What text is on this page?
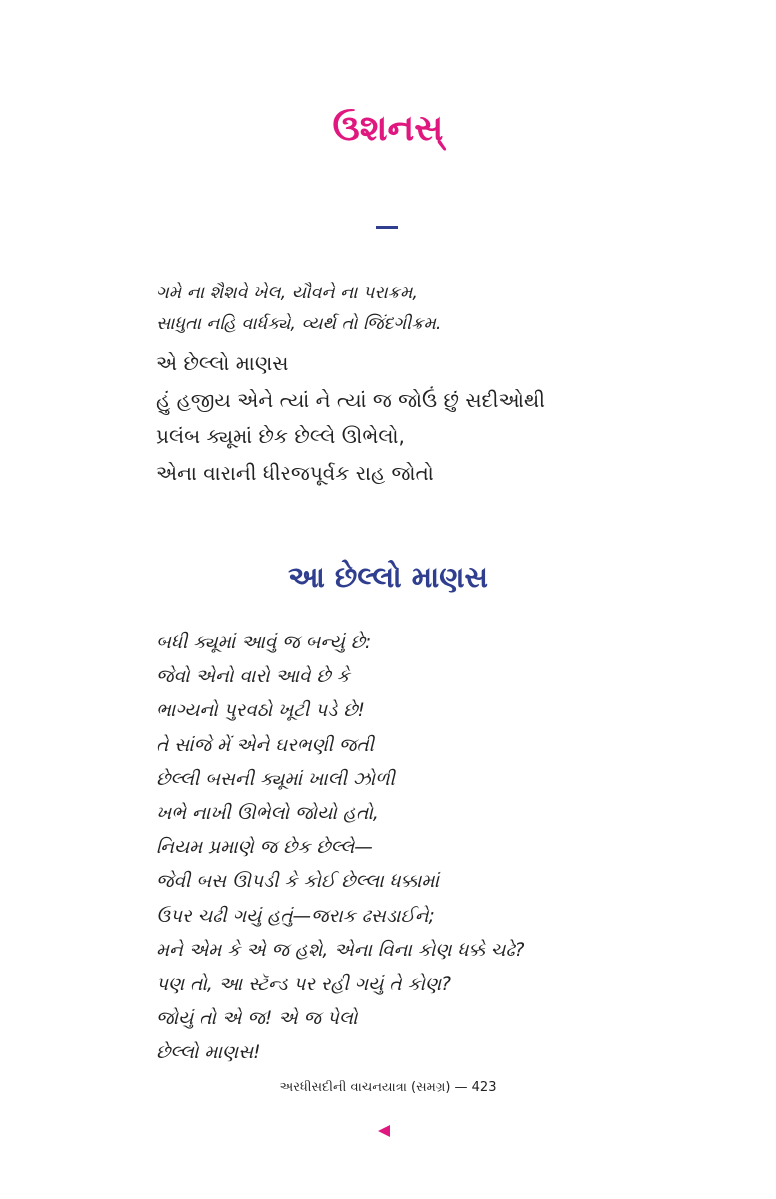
ઉશનસ્
ગમે ના શૈશવે ખેલ, યૌવને ના પરાક્રમ,
સાધુતા નહિ વાર્ધક્યે, વ્યર્થ તો જિંદગીક્રમ.
એ છેલ્લો માણસ
હું હજીય એને ત્યાં ને ત્યાં જ જોઉં છું સદીઓથી
પ્રલંબ ક્યૂમાં છેક છેલ્લે ઊભેલો,
એના વારાની ધીરજપૂર્વક રાહ જોતો
આ છેલ્લો માણસ
બધી ક્યૂમાં આવું જ બન્યું છે:
જેવો એનો વારો આવે છે કે
ભાગ્યનો પુરવઠો ખૂટી પડે છે!
તે સાંજે મેં એને ઘરભણી જતી
છેલ્લી બસની ક્યૂમાં ખાલી ઝોળી
ખભે નાખી ઊભેલો જોયો હતો,
નિયમ પ્રમાણે જ છેક છેલ્લે—
જેવી બસ ઊપડી કે કોઈ છેલ્લા ધક્કામાં
ઉપર ચઢી ગયું હતું—જરાક ઢસડાઈને;
મને એમ કે એ જ હશે, એના વિના કોણ ધક્કે ચઢે?
પણ તો, આ સ્ટૅન્ડ પર રહી ગયું તે કોણ?
જોયું તો એ જ! એ જ પેલો
છેલ્લો માણસ!
અરધીસદીની વાચનયાત્રા (સમગ્ર) — 423
